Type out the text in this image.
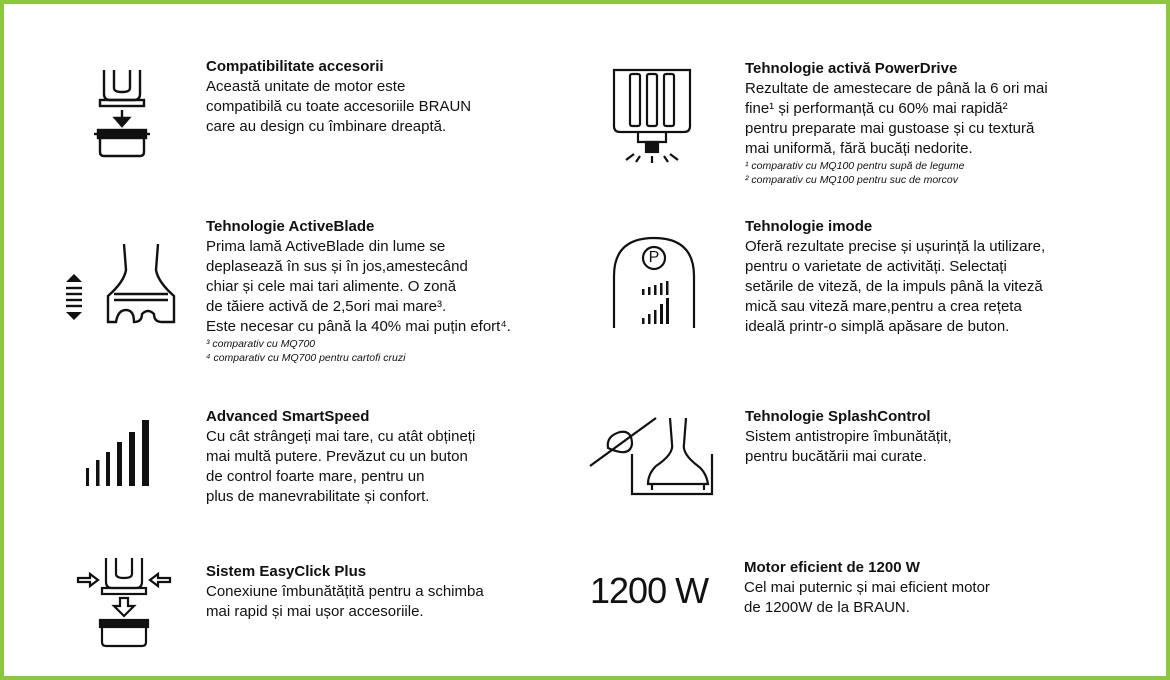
Compatibilitate accesorii
Această unitate de motor este
compatibilă cu toate accesoriile BRAUN
care au design cu îmbinare dreaptă.
Tehnologie ActiveBlade
Prima lamă ActiveBlade din lume se
deplasează în sus și în jos,amestecând
chiar și cele mai tari alimente. O zonă
de tăiere activă de 2,5ori mai mare³.
Este necesar cu până la 40% mai puțin efort⁴.
³ comparativ cu MQ700
⁴ comparativ cu MQ700 pentru cartofi cruzi
Advanced SmartSpeed
Cu cât strângeți mai tare, cu atât obțineți
mai multă putere. Prevăzut cu un buton
de control foarte mare, pentru un
plus de manevrabilitate și confort.
Sistem EasyClick Plus
Conexiune îmbunătățită pentru a schimba
mai rapid și mai ușor accesoriile.
Tehnologie activă PowerDrive
Rezultate de amestecare de până la 6 ori mai
fine¹ și performanță cu 60% mai rapidă²
pentru preparate mai gustoase și cu textură
mai uniformă, fără bucăți nedorite.
¹ comparativ cu MQ100 pentru supă de legume
² comparativ cu MQ100 pentru suc de morcov
P
Tehnologie imode
Oferă rezultate precise și ușurință la utilizare,
pentru o varietate de activități. Selectați
setările de viteză, de la impuls până la viteză
mică sau viteză mare,pentru a crea rețeta
ideală printr-o simplă apăsare de buton.
Tehnologie SplashControl
Sistem antistropire îmbunătățit,
pentru bucătării mai curate.
1200 W
Motor eficient de 1200 W
Cel mai puternic și mai eficient motor
de 1200W de la BRAUN.
